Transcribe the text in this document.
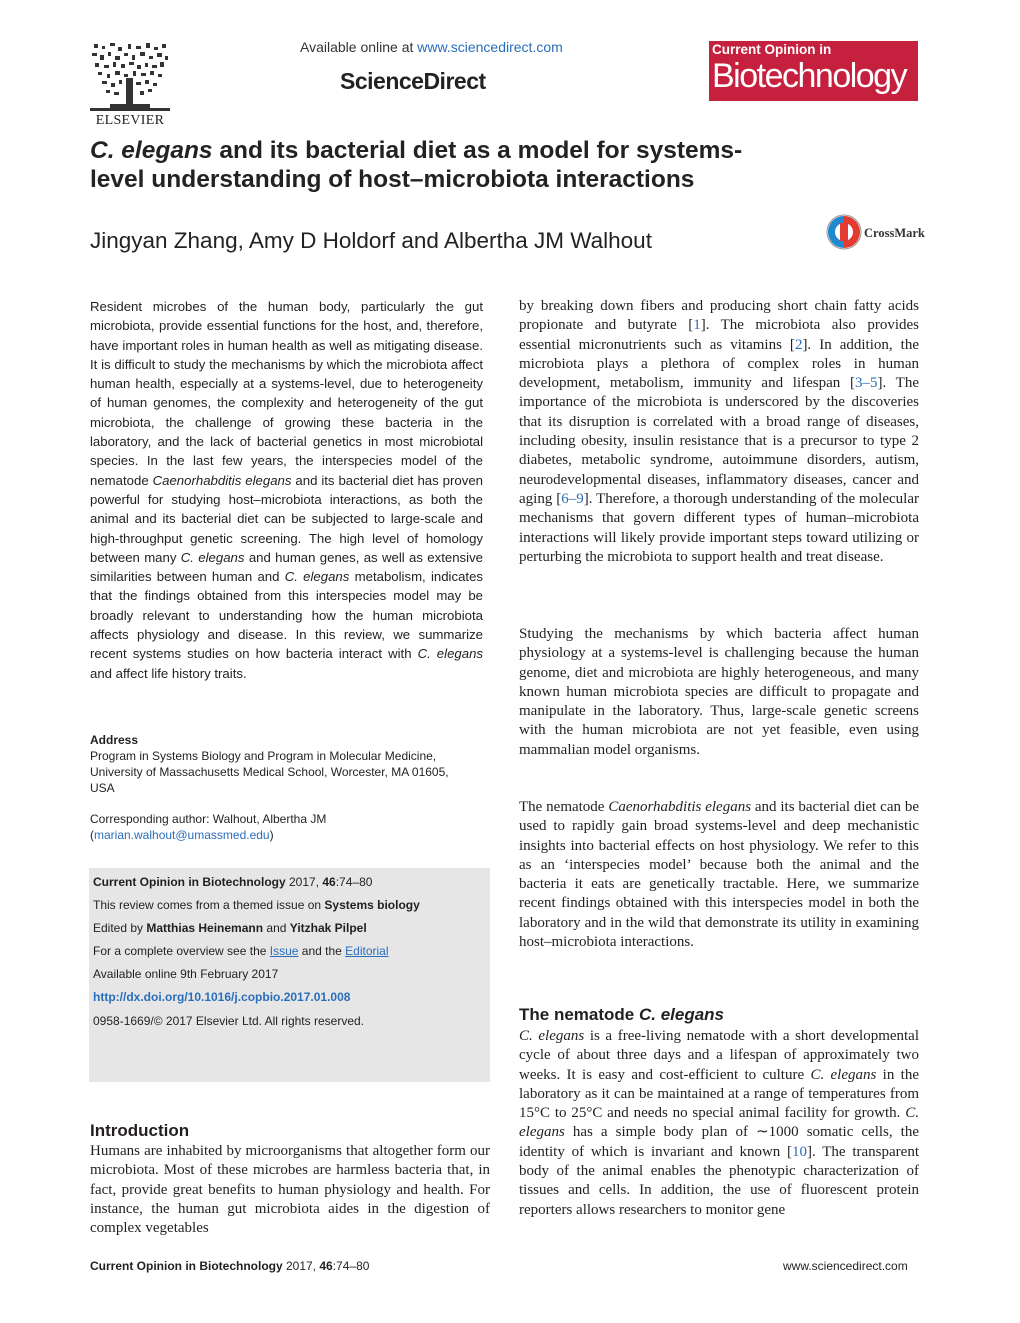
ELSEVIER
Available online at www.sciencedirect.com
ScienceDirect
Current Opinion in
Biotechnology
C. elegans and its bacterial diet as a model for systems-level understanding of host–microbiota interactions
Jingyan Zhang, Amy D Holdorf and Albertha JM Walhout	CrossMark
Resident microbes of the human body, particularly the gut microbiota, provide essential functions for the host, and, therefore, have important roles in human health as well as mitigating disease. It is difficult to study the mechanisms by which the microbiota affect human health, especially at a systems-level, due to heterogeneity of human genomes, the complexity and heterogeneity of the gut microbiota, the challenge of growing these bacteria in the laboratory, and the lack of bacterial genetics in most microbiotal species. In the last few years, the interspecies model of the nematode Caenorhabditis elegans and its bacterial diet has proven powerful for studying host–microbiota interactions, as both the animal and its bacterial diet can be subjected to large-scale and high-throughput genetic screening. The high level of homology between many C. elegans and human genes, as well as extensive similarities between human and C. elegans metabolism, indicates that the findings obtained from this interspecies model may be broadly relevant to understanding how the human microbiota affects physiology and disease. In this review, we summarize recent systems studies on how bacteria interact with C. elegans and affect life history traits.
Address
Program in Systems Biology and Program in Molecular Medicine,
University of Massachusetts Medical School, Worcester, MA 01605,
USA
Corresponding author: Walhout, Albertha JM
(marian.walhout@umassmed.edu)
Current Opinion in Biotechnology 2017, 46:74–80
This review comes from a themed issue on Systems biology
Edited by Matthias Heinemann and Yitzhak Pilpel
For a complete overview see the Issue and the Editorial
Available online 9th February 2017
http://dx.doi.org/10.1016/j.copbio.2017.01.008
0958-1669/© 2017 Elsevier Ltd. All rights reserved.
Introduction
Humans are inhabited by microorganisms that altogether form our microbiota. Most of these microbes are harmless bacteria that, in fact, provide great benefits to human physiology and health. For instance, the human gut microbiota aides in the digestion of complex vegetables
by breaking down fibers and producing short chain fatty acids propionate and butyrate [1]. The microbiota also provides essential micronutrients such as vitamins [2]. In addition, the microbiota plays a plethora of complex roles in human development, metabolism, immunity and lifespan [3–5]. The importance of the microbiota is underscored by the discoveries that its disruption is correlated with a broad range of diseases, including obesity, insulin resistance that is a precursor to type 2 diabetes, metabolic syndrome, autoimmune disorders, autism, neurodevelopmental diseases, inflammatory diseases, cancer and aging [6–9]. Therefore, a thorough understanding of the molecular mechanisms that govern different types of human–microbiota interactions will likely provide important steps toward utilizing or perturbing the microbiota to support health and treat disease.
Studying the mechanisms by which bacteria affect human physiology at a systems-level is challenging because the human genome, diet and microbiota are highly heterogeneous, and many known human microbiota species are difficult to propagate and manipulate in the laboratory. Thus, large-scale genetic screens with the human microbiota are not yet feasible, even using mammalian model organisms.
The nematode Caenorhabditis elegans and its bacterial diet can be used to rapidly gain broad systems-level and deep mechanistic insights into bacterial effects on host physiology. We refer to this as an ‘interspecies model’ because both the animal and the bacteria it eats are genetically tractable. Here, we summarize recent findings obtained with this interspecies model in both the laboratory and in the wild that demonstrate its utility in examining host–microbiota interactions.
The nematode C. elegans
C. elegans is a free-living nematode with a short developmental cycle of about three days and a lifespan of approximately two weeks. It is easy and cost-efficient to culture C. elegans in the laboratory as it can be maintained at a range of temperatures from 15°C to 25°C and needs no special animal facility for growth. C. elegans has a simple body plan of ∼1000 somatic cells, the identity of which is invariant and known [10]. The transparent body of the animal enables the phenotypic characterization of tissues and cells. In addition, the use of fluorescent protein reporters allows researchers to monitor gene
Current Opinion in Biotechnology 2017, 46:74–80	www.sciencedirect.com
